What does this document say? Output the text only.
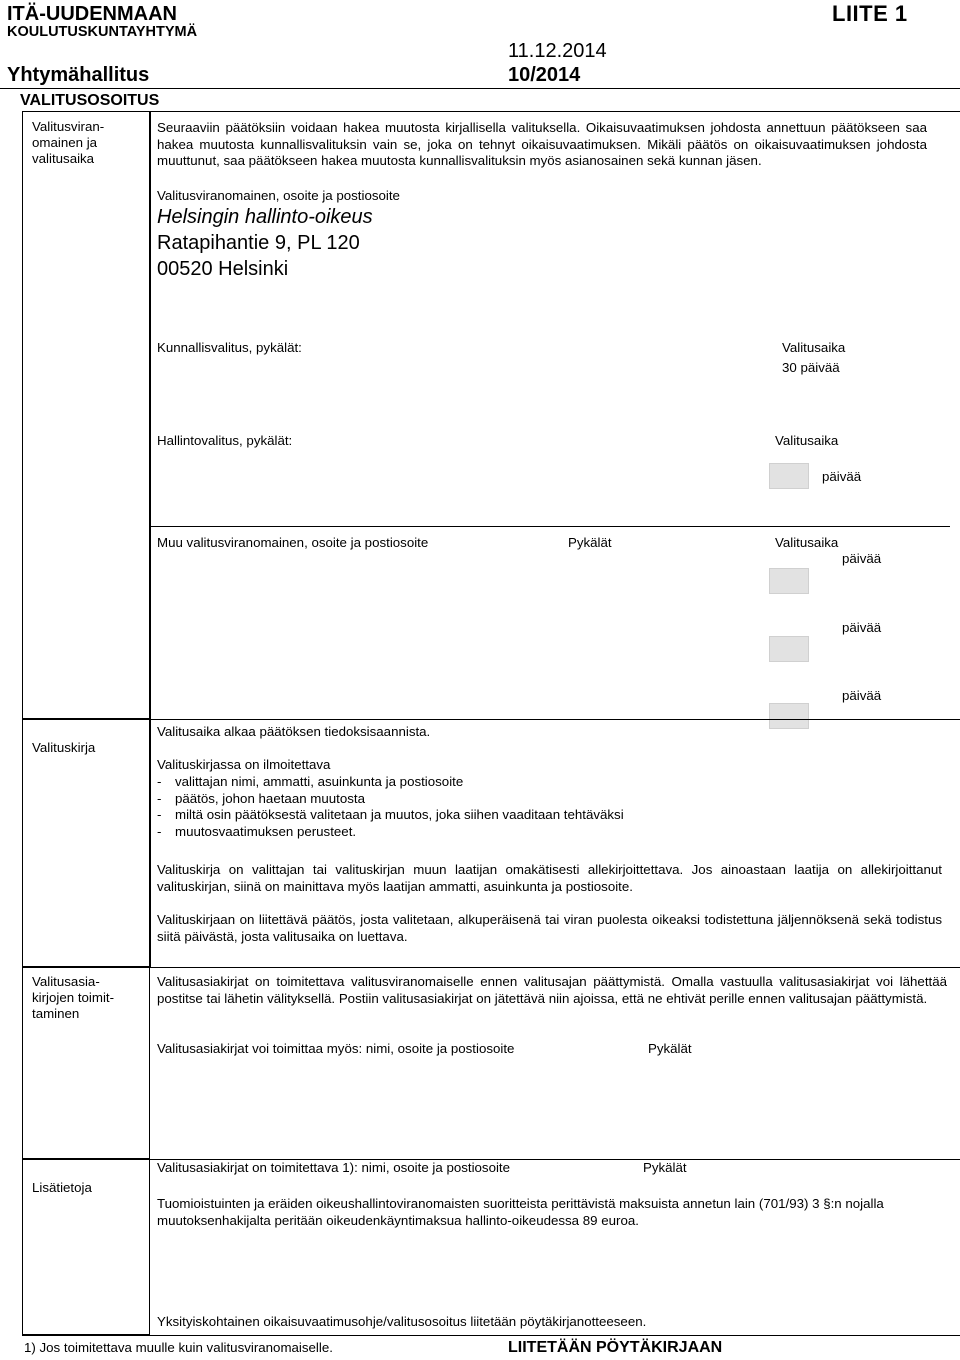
ITÄ-UUDENMAAN
KOULUTUSKUNTAYHTYMÄ
LIITE 1
11.12.2014
Yhtymähallitus	10/2014
VALITUSOSOITUS
Valitusviran-
omainen ja
valitusaika
Seuraaviin päätöksiin voidaan hakea muutosta kirjallisella valituksella. Oikaisuvaatimuksen johdosta annettuun päätökseen saa hakea muutosta kunnallisvalituksin vain se, joka on tehnyt oikaisuvaatimuksen. Mikäli päätös on oikaisuvaatimuksen johdosta muuttunut, saa päätökseen hakea muutosta kunnallisvalituksin myös asianosainen sekä kunnan jäsen.
Valitusviranomainen, osoite ja postiosoite
Helsingin hallinto-oikeus
Ratapihantie 9, PL 120
00520 Helsinki
Kunnallisvalitus, pykälät:	Valitusaika
30 päivää
Hallintovalitus, pykälät:	Valitusaika
päivää
Muu valitusviranomainen, osoite ja postiosoite	Pykälät	Valitusaika
päivää
päivää
päivää
Valituskirja
Valitusaika alkaa päätöksen tiedoksisaannista.
Valituskirjassa on ilmoitettava
- valittajan nimi, ammatti, asuinkunta ja postiosoite
- päätös, johon haetaan muutosta
- miltä osin päätöksestä valitetaan ja muutos, joka siihen vaaditaan tehtäväksi
- muutosvaatimuksen perusteet.
Valituskirja on valittajan tai valituskirjan muun laatijan omakätisesti allekirjoittettava. Jos ainoastaan laatija on allekirjoittanut valituskirjan, siinä on mainittava myös laatijan ammatti, asuinkunta ja postiosoite.
Valituskirjaan on liitettävä päätös, josta valitetaan, alkuperäisenä tai viran puolesta oikeaksi todistettuna jäljennöksenä sekä todistus siitä päivästä, josta valitusaika on luettava.
Valitusasia-
kirjojen toimit-
taminen
Valitusasiakirjat on toimitettava valitusviranomaiselle ennen valitusajan päättymistä. Omalla vastuulla valitusasiakirjat voi lähettää postitse tai lähetin välityksellä. Postiin valitusasiakirjat on jätettävä niin ajoissa, että ne ehtivät perille ennen valitusajan päättymistä.
Valitusasiakirjat voi toimittaa myös: nimi, osoite ja postiosoite	Pykälät
Lisätietoja
Valitusasiakirjat on toimitettava 1): nimi, osoite ja postiosoite	Pykälät
Tuomioistuinten ja eräiden oikeushallintoviranomaisten suoritteista perittävistä maksuista annetun lain (701/93) 3 §:n nojalla muutoksenhakijalta peritään oikeudenkäyntimaksua hallinto-oikeudessa 89 euroa.
Yksityiskohtainen oikaisuvaatimusohje/valitusosoitus liitetään pöytäkirjanotteeseen.
1) Jos toimitettava muulle kuin valitusviranomaiselle.	LIITETÄÄN PÖYTÄKIRJAAN
